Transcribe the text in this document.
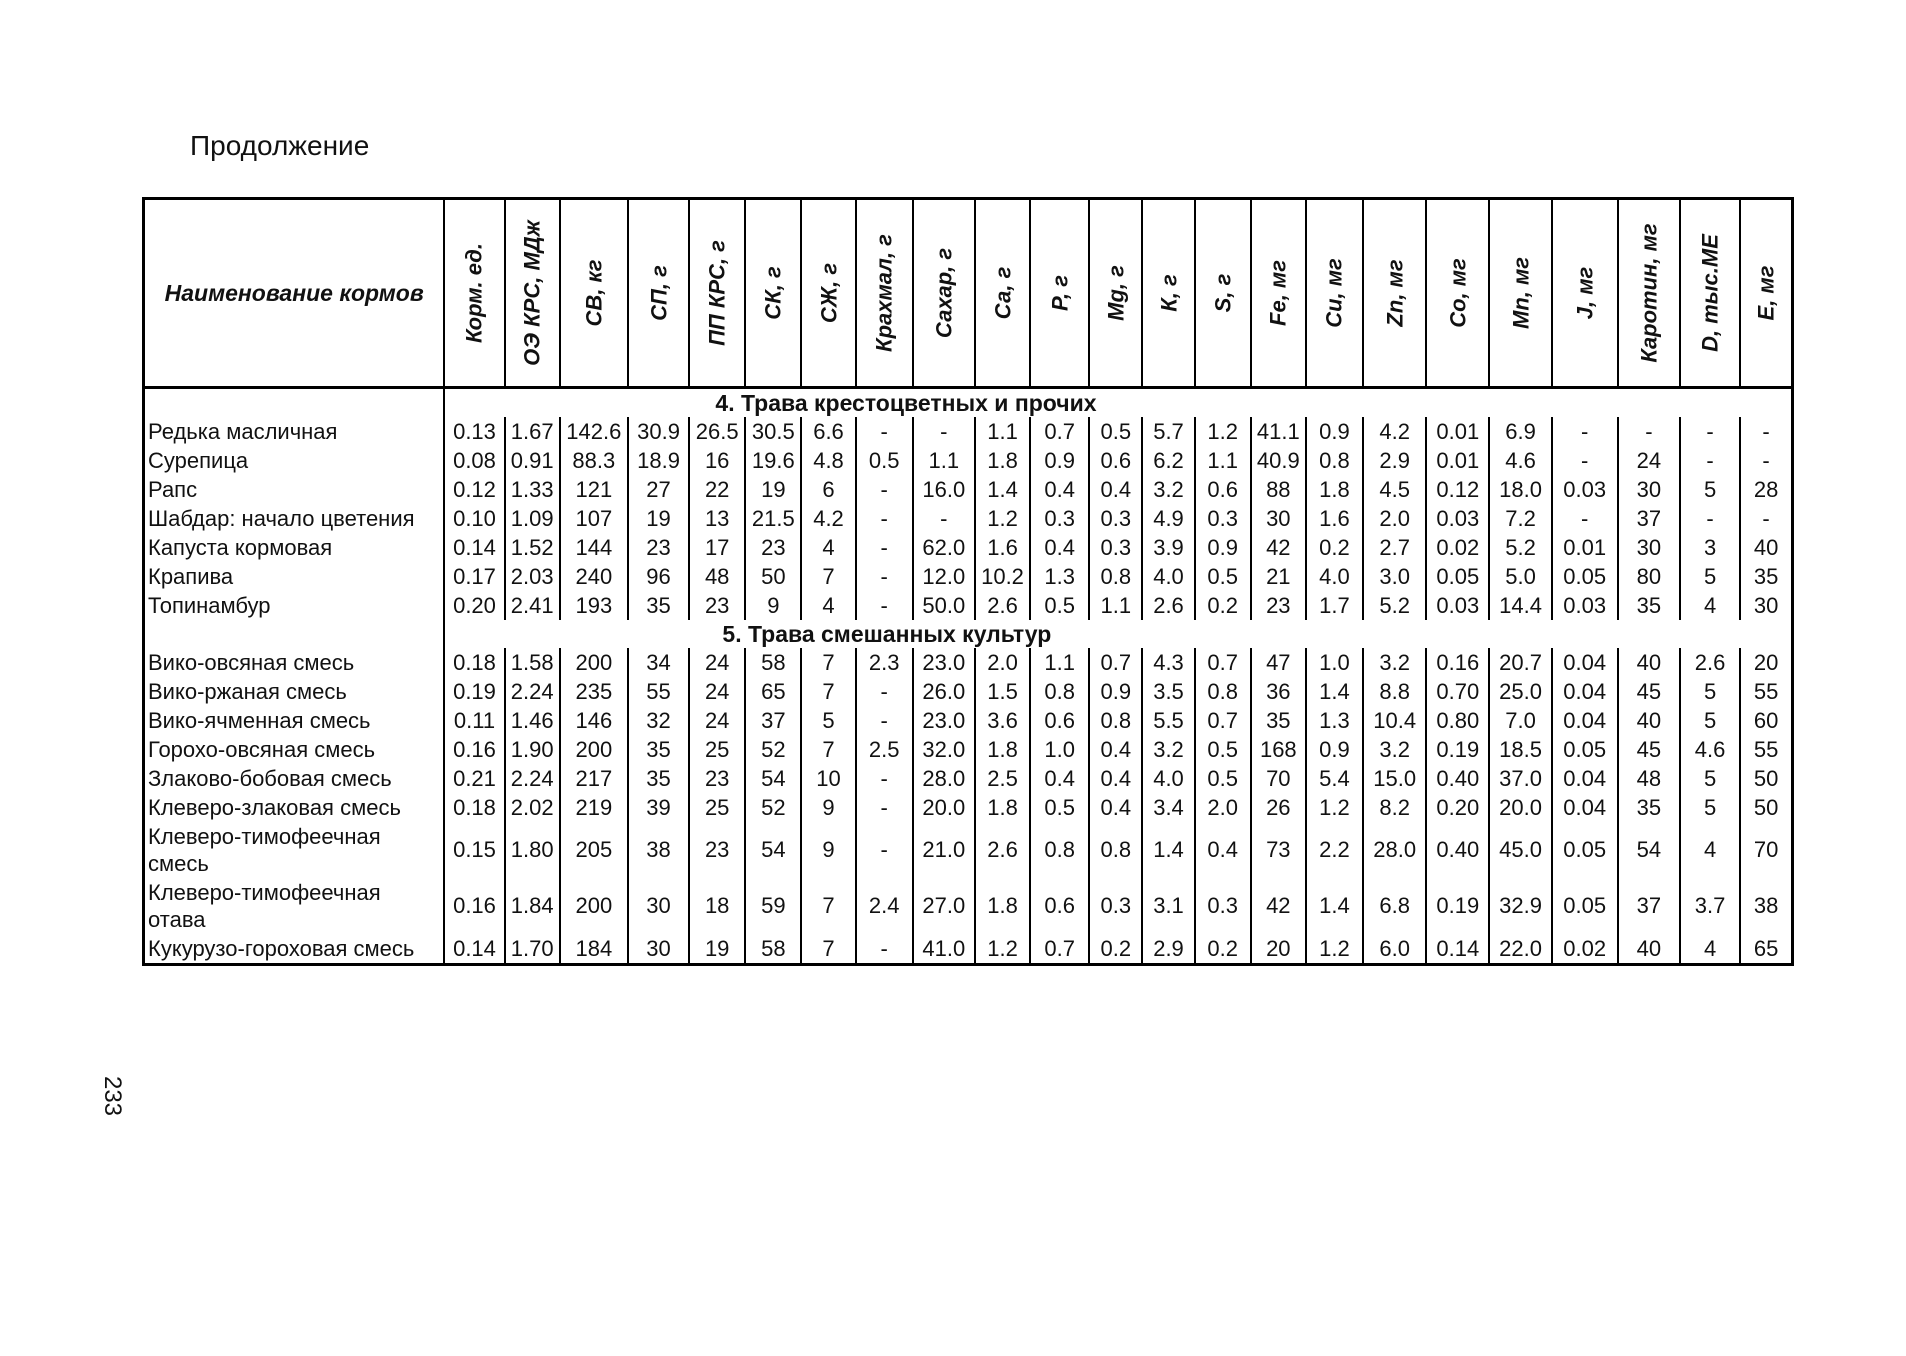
Продолжение
233
Наименование кормов	Корм. ед.	ОЭ КРС, МДж	СВ, кг	СП, г	ПП КРС, г	СК, г	СЖ, г	Крахмал, г	Сахар, г	Са, г	Р, г	Mg, г	К, г	S, г	Fe, мг	Cu, мг	Zn, мг	Со, мг	Mn, мг	J, мг	Каротин, мг	D, тыс.МЕ	Е, мг

	4. Трава крестоцветных и прочих																						
Редька масличная	0.13	1.67	142.6	30.9	26.5	30.5	6.6	-	-	1.1	0.7	0.5	5.7	1.2	41.1	0.9	4.2	0.01	6.9	-	-	-	-
Сурепица	0.08	0.91	88.3	18.9	16	19.6	4.8	0.5	1.1	1.8	0.9	0.6	6.2	1.1	40.9	0.8	2.9	0.01	4.6	-	24	-	-
Рапс	0.12	1.33	121	27	22	19	6	-	16.0	1.4	0.4	0.4	3.2	0.6	88	1.8	4.5	0.12	18.0	0.03	30	5	28
Шабдар: начало цветения	0.10	1.09	107	19	13	21.5	4.2	-	-	1.2	0.3	0.3	4.9	0.3	30	1.6	2.0	0.03	7.2	-	37	-	-
Капуста кормовая	0.14	1.52	144	23	17	23	4	-	62.0	1.6	0.4	0.3	3.9	0.9	42	0.2	2.7	0.02	5.2	0.01	30	3	40
Крапива	0.17	2.03	240	96	48	50	7	-	12.0	10.2	1.3	0.8	4.0	0.5	21	4.0	3.0	0.05	5.0	0.05	80	5	35
Топинамбур	0.20	2.41	193	35	23	9	4	-	50.0	2.6	0.5	1.1	2.6	0.2	23	1.7	5.2	0.03	14.4	0.03	35	4	30
	5. Трава смешанных культур																						
Вико-овсяная смесь	0.18	1.58	200	34	24	58	7	2.3	23.0	2.0	1.1	0.7	4.3	0.7	47	1.0	3.2	0.16	20.7	0.04	40	2.6	20
Вико-ржаная смесь	0.19	2.24	235	55	24	65	7	-	26.0	1.5	0.8	0.9	3.5	0.8	36	1.4	8.8	0.70	25.0	0.04	45	5	55
Вико-ячменная смесь	0.11	1.46	146	32	24	37	5	-	23.0	3.6	0.6	0.8	5.5	0.7	35	1.3	10.4	0.80	7.0	0.04	40	5	60
Горохо-овсяная смесь	0.16	1.90	200	35	25	52	7	2.5	32.0	1.8	1.0	0.4	3.2	0.5	168	0.9	3.2	0.19	18.5	0.05	45	4.6	55
Злаково-бобовая смесь	0.21	2.24	217	35	23	54	10	-	28.0	2.5	0.4	0.4	4.0	0.5	70	5.4	15.0	0.40	37.0	0.04	48	5	50
Клеверо-злаковая смесь	0.18	2.02	219	39	25	52	9	-	20.0	1.8	0.5	0.4	3.4	2.0	26	1.2	8.2	0.20	20.0	0.04	35	5	50
Клеверо-тимофеечная смесь	0.15	1.80	205	38	23	54	9	-	21.0	2.6	0.8	0.8	1.4	0.4	73	2.2	28.0	0.40	45.0	0.05	54	4	70
Клеверо-тимофеечная отава	0.16	1.84	200	30	18	59	7	2.4	27.0	1.8	0.6	0.3	3.1	0.3	42	1.4	6.8	0.19	32.9	0.05	37	3.7	38
Кукурузо-гороховая смесь	0.14	1.70	184	30	19	58	7	-	41.0	1.2	0.7	0.2	2.9	0.2	20	1.2	6.0	0.14	22.0	0.02	40	4	65
